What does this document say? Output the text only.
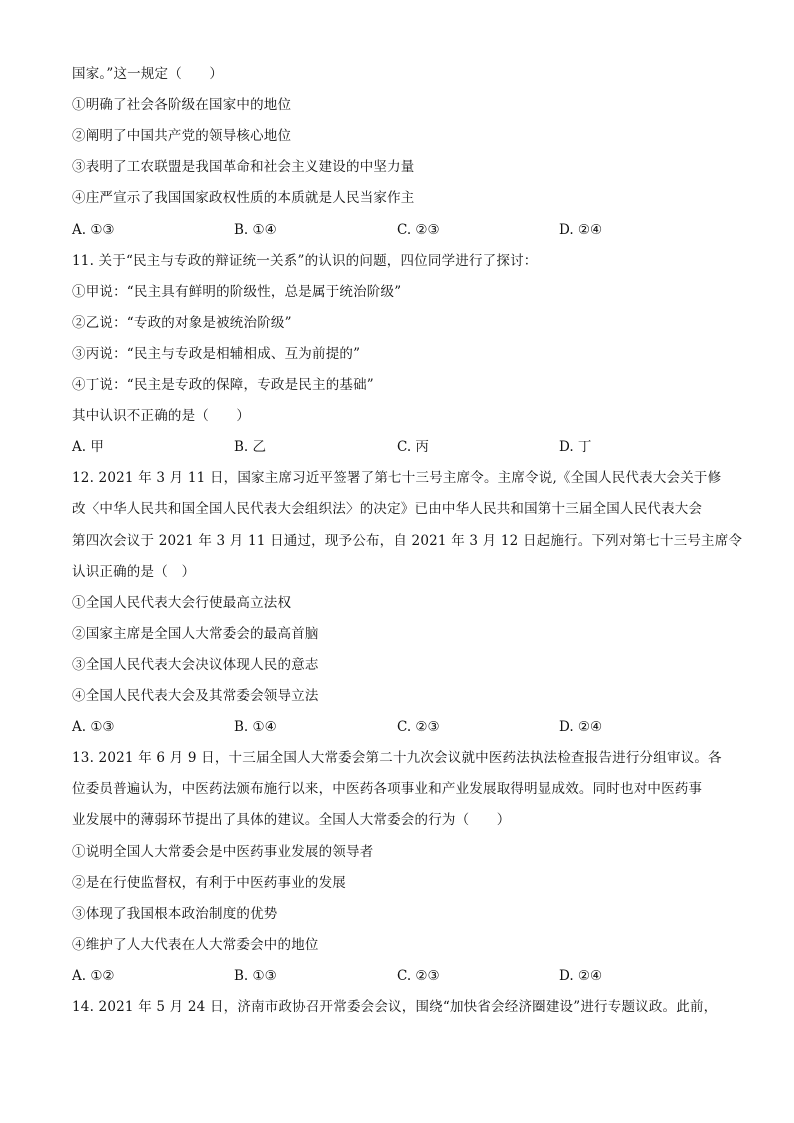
国家。”这一规定（　　）
①明确了社会各阶级在国家中的地位
②阐明了中国共产党的领导核心地位
③表明了工农联盟是我国革命和社会主义建设的中坚力量
④庄严宣示了我国国家政权性质的本质就是人民当家作主
A. ①③	B. ①④	C. ②③	D. ②④
11. 关于“民主与专政的辩证统一关系”的认识的问题，四位同学进行了探讨：
①甲说：“民主具有鲜明的阶级性，总是属于统治阶级”
②乙说：“专政的对象是被统治阶级”
③丙说：“民主与专政是相辅相成、互为前提的”
④丁说：“民主是专政的保障，专政是民主的基础”
其中认识不正确的是（　　）
A. 甲	B. 乙	C. 丙	D. 丁
12. 2021 年 3 月 11 日，国家主席习近平签署了第七十三号主席令。主席令说,《全国人民代表大会关于修
改〈中华人民共和国全国人民代表大会组织法〉的决定》已由中华人民共和国第十三届全国人民代表大会
第四次会议于 2021 年 3 月 11 日通过，现予公布，自 2021 年 3 月 12 日起施行。下列对第七十三号主席令
认识正确的是（　）
①全国人民代表大会行使最高立法权
②国家主席是全国人大常委会的最高首脑
③全国人民代表大会决议体现人民的意志
④全国人民代表大会及其常委会领导立法
A. ①③	B. ①④	C. ②③	D. ②④
13. 2021 年 6 月 9 日，十三届全国人大常委会第二十九次会议就中医药法执法检查报告进行分组审议。各
位委员普遍认为，中医药法颁布施行以来，中医药各项事业和产业发展取得明显成效。同时也对中医药事
业发展中的薄弱环节提出了具体的建议。全国人大常委会的行为（　　）
①说明全国人大常委会是中医药事业发展的领导者
②是在行使监督权，有利于中医药事业的发展
③体现了我国根本政治制度的优势
④维护了人大代表在人大常委会中的地位
A. ①②	B. ①③	C. ②③	D. ②④
14. 2021 年 5 月 24 日，济南市政协召开常委会会议，围绕“加快省会经济圈建设”进行专题议政。此前，
